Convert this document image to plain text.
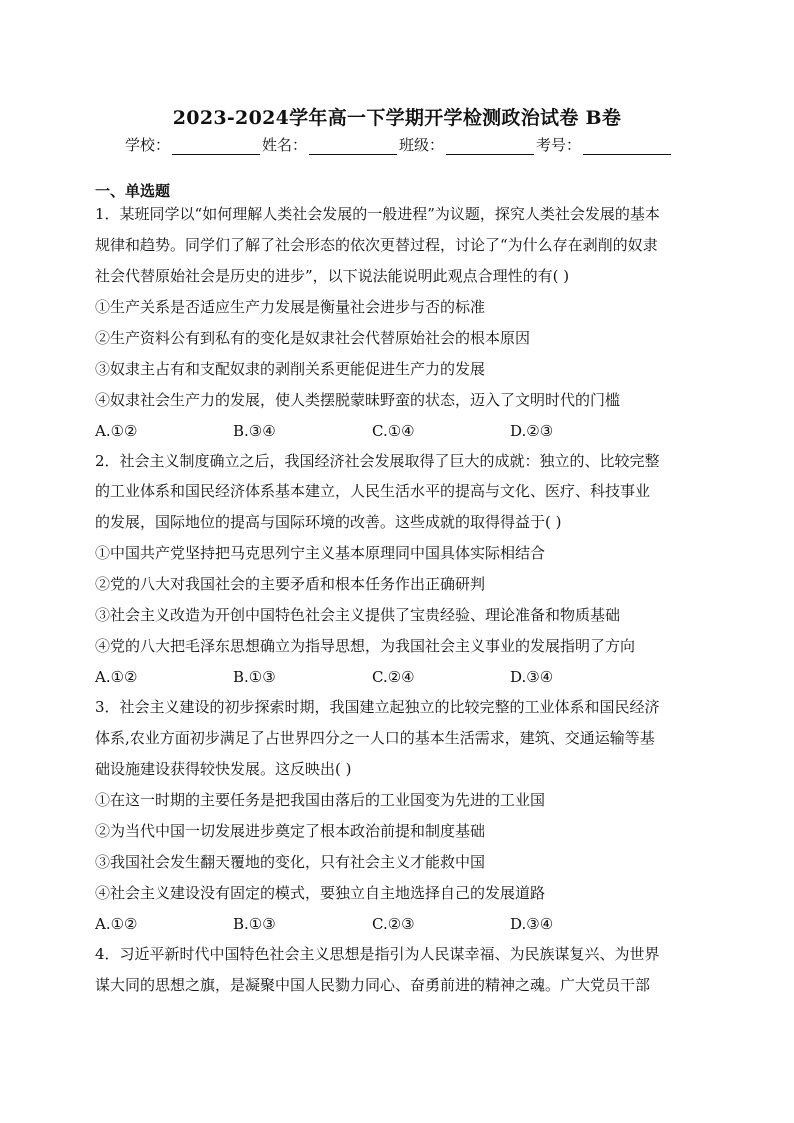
2023-2024学年高一下学期开学检测政治试卷 B卷
学校：	姓名：	班级：	考号：
一、单选题
1．某班同学以“如何理解人类社会发展的一般进程”为议题，探究人类社会发展的基本
规律和趋势。同学们了解了社会形态的依次更替过程，讨论了“为什么存在剥削的奴隶
社会代替原始社会是历史的进步”，以下说法能说明此观点合理性的有( )
①生产关系是否适应生产力发展是衡量社会进步与否的标准
②生产资料公有到私有的变化是奴隶社会代替原始社会的根本原因
③奴隶主占有和支配奴隶的剥削关系更能促进生产力的发展
④奴隶社会生产力的发展，使人类摆脱蒙昧野蛮的状态，迈入了文明时代的门槛
A.①②	B.③④	C.①④	D.②③
2．社会主义制度确立之后，我国经济社会发展取得了巨大的成就：独立的、比较完整
的工业体系和国民经济体系基本建立，人民生活水平的提高与文化、医疗、科技事业
的发展，国际地位的提高与国际环境的改善。这些成就的取得得益于( )
①中国共产党坚持把马克思列宁主义基本原理同中国具体实际相结合
②党的八大对我国社会的主要矛盾和根本任务作出正确研判
③社会主义改造为开创中国特色社会主义提供了宝贵经验、理论准备和物质基础
④党的八大把毛泽东思想确立为指导思想，为我国社会主义事业的发展指明了方向
A.①②	B.①③	C.②④	D.③④
3．社会主义建设的初步探索时期，我国建立起独立的比较完整的工业体系和国民经济
体系,农业方面初步满足了占世界四分之一人口的基本生活需求，建筑、交通运输等基
础设施建设获得较快发展。这反映出( )
①在这一时期的主要任务是把我国由落后的工业国变为先进的工业国
②为当代中国一切发展进步奠定了根本政治前提和制度基础
③我国社会发生翻天覆地的变化，只有社会主义才能救中国
④社会主义建设没有固定的模式，要独立自主地选择自己的发展道路
A.①②	B.①③	C.②③	D.③④
4．习近平新时代中国特色社会主义思想是指引为人民谋幸福、为民族谋复兴、为世界
谋大同的思想之旗，是凝聚中国人民勠力同心、奋勇前进的精神之魂。广大党员干部
